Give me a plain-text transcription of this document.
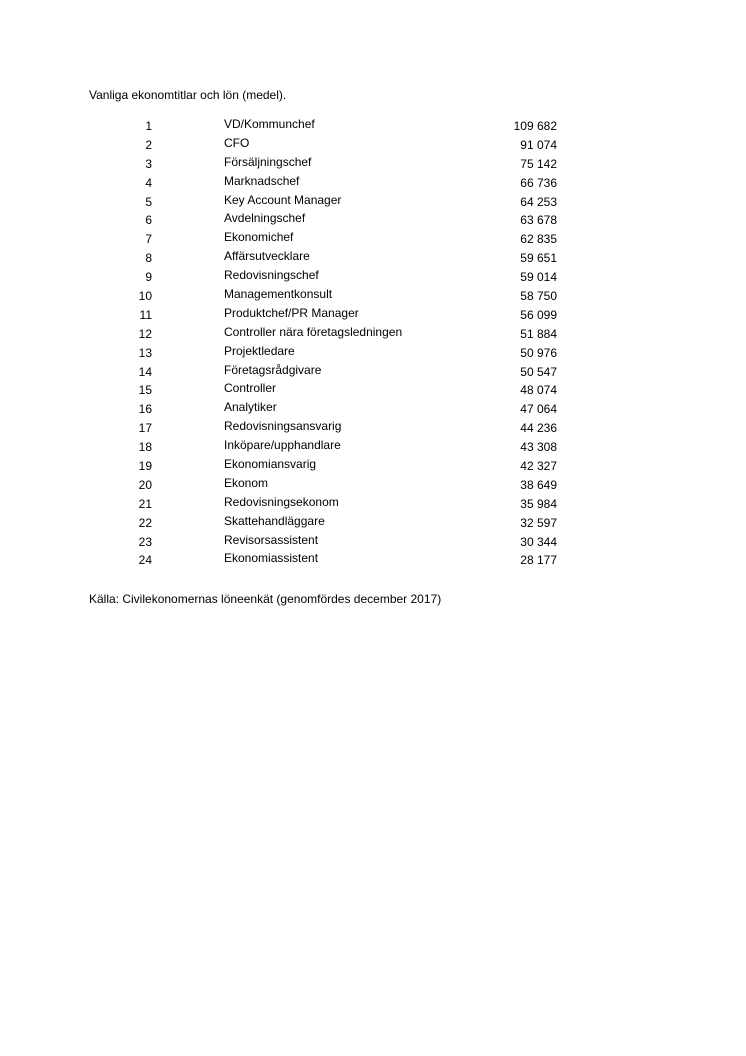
Vanliga ekonomtitlar och lön (medel).
1	VD/Kommunchef	109 682
2	CFO	91 074
3	Försäljningschef	75 142
4	Marknadschef	66 736
5	Key Account Manager	64 253
6	Avdelningschef	63 678
7	Ekonomichef	62 835
8	Affärsutvecklare	59 651
9	Redovisningschef	59 014
10	Managementkonsult	58 750
11	Produktchef/PR Manager	56 099
12	Controller nära företagsledningen	51 884
13	Projektledare	50 976
14	Företagsrådgivare	50 547
15	Controller	48 074
16	Analytiker	47 064
17	Redovisningsansvarig	44 236
18	Inköpare/upphandlare	43 308
19	Ekonomiansvarig	42 327
20	Ekonom	38 649
21	Redovisningsekonom	35 984
22	Skattehandläggare	32 597
23	Revisorsassistent	30 344
24	Ekonomiassistent	28 177
Källa: Civilekonomernas löneenkät (genomfördes december 2017)
